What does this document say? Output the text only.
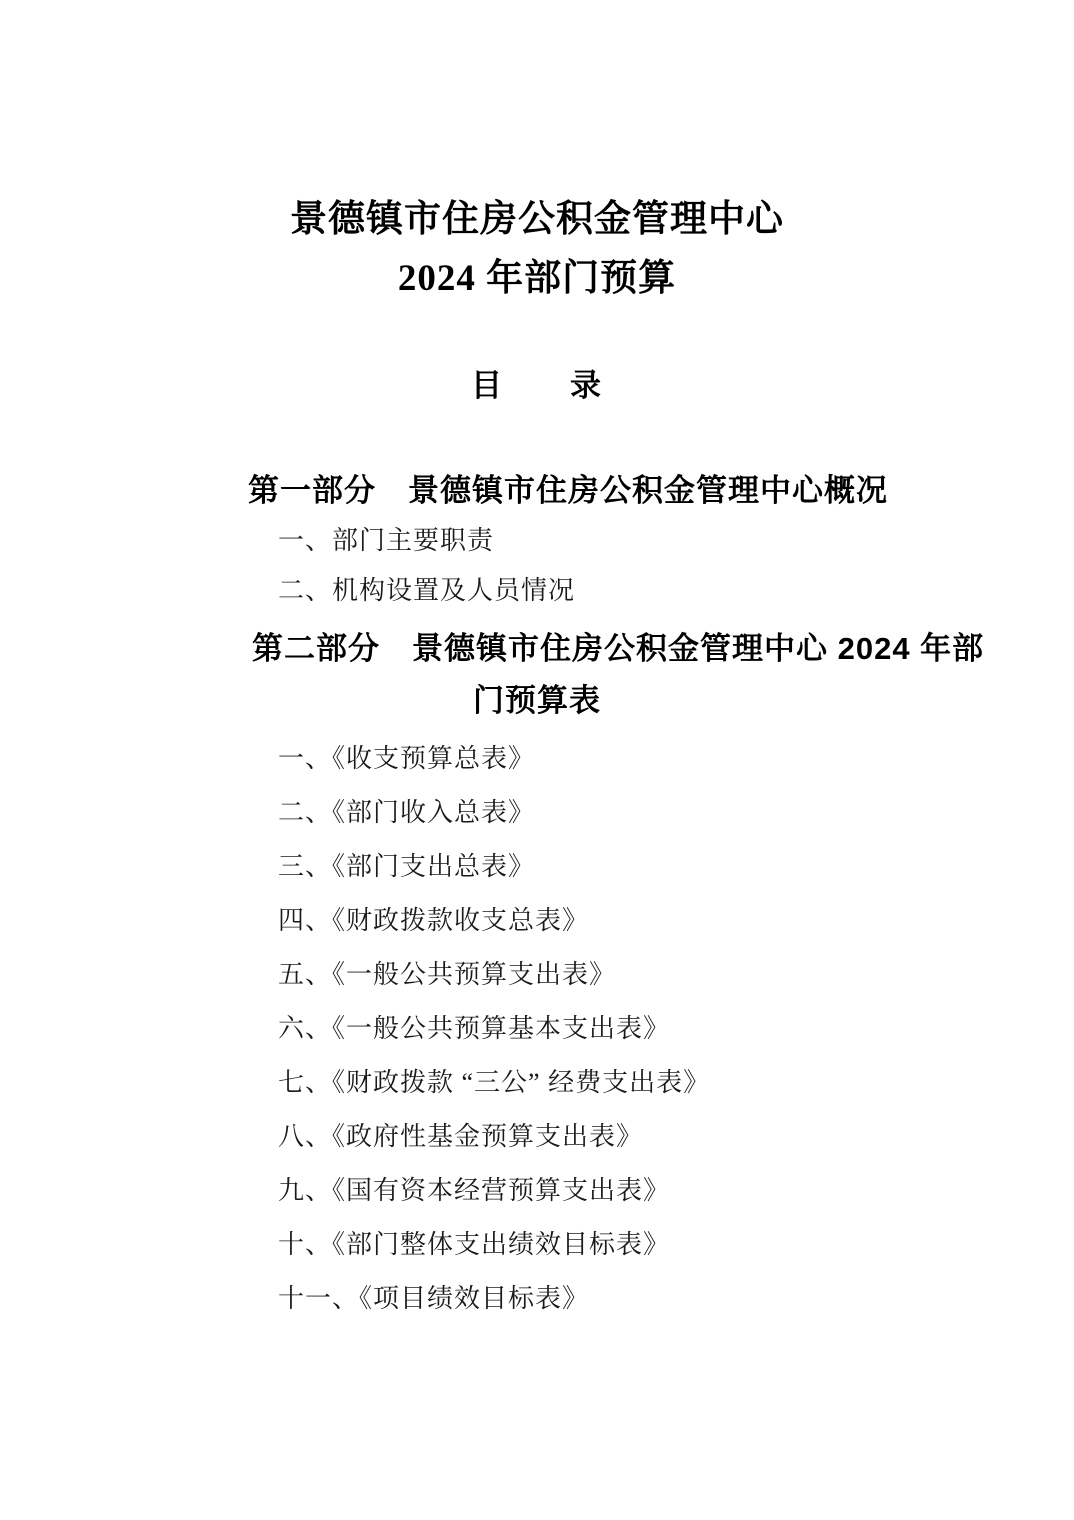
景德镇市住房公积金管理中心
2024 年部门预算
目　　录
第一部分　景德镇市住房公积金管理中心概况
一、部门主要职责
二、机构设置及人员情况
第二部分　景德镇市住房公积金管理中心 2024 年部
门预算表
一、《收支预算总表》
二、《部门收入总表》
三、《部门支出总表》
四、《财政拨款收支总表》
五、《一般公共预算支出表》
六、《一般公共预算基本支出表》
七、《财政拨款 “三公” 经费支出表》
八、《政府性基金预算支出表》
九、《国有资本经营预算支出表》
十、《部门整体支出绩效目标表》
十一、《项目绩效目标表》
